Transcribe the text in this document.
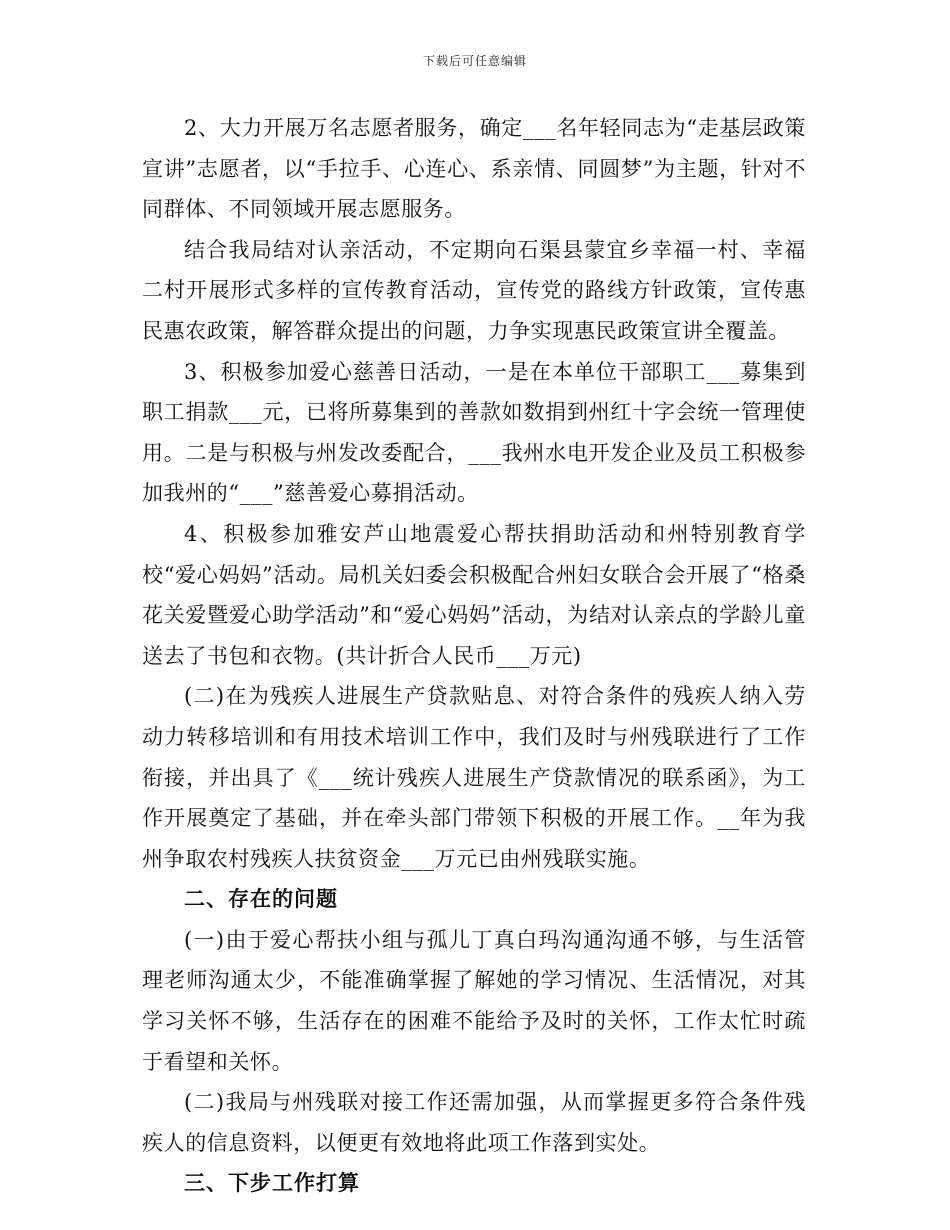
下载后可任意编辑

2、大力开展万名志愿者服务，确定___名年轻同志为“走基层政策宣讲”志愿者，以“手拉手、心连心、系亲情、同圆梦”为主题，针对不同群体、不同领域开展志愿服务。

结合我局结对认亲活动，不定期向石渠县蒙宜乡幸福一村、幸福二村开展形式多样的宣传教育活动，宣传党的路线方针政策，宣传惠民惠农政策，解答群众提出的问题，力争实现惠民政策宣讲全覆盖。

3、积极参加爱心慈善日活动，一是在本单位干部职工___募集到职工捐款___元，已将所募集到的善款如数捐到州红十字会统一管理使用。二是与积极与州发改委配合，___我州水电开发企业及员工积极参加我州的“___”慈善爱心募捐活动。

4、积极参加雅安芦山地震爱心帮扶捐助活动和州特别教育学校“爱心妈妈”活动。局机关妇委会积极配合州妇女联合会开展了“格桑花关爱暨爱心助学活动”和“爱心妈妈”活动，为结对认亲点的学龄儿童送去了书包和衣物。(共计折合人民币___万元)

(二)在为残疾人进展生产贷款贴息、对符合条件的残疾人纳入劳动力转移培训和有用技术培训工作中，我们及时与州残联进行了工作衔接，并出具了《___统计残疾人进展生产贷款情况的联系函》，为工作开展奠定了基础，并在牵头部门带领下积极的开展工作。__年为我州争取农村残疾人扶贫资金___万元已由州残联实施。

二、存在的问题

(一)由于爱心帮扶小组与孤儿丁真白玛沟通沟通不够，与生活管理老师沟通太少，不能准确掌握了解她的学习情况、生活情况，对其学习关怀不够，生活存在的困难不能给予及时的关怀，工作太忙时疏于看望和关怀。

(二)我局与州残联对接工作还需加强，从而掌握更多符合条件残疾人的信息资料，以便更有效地将此项工作落到实处。

三、下步工作打算
